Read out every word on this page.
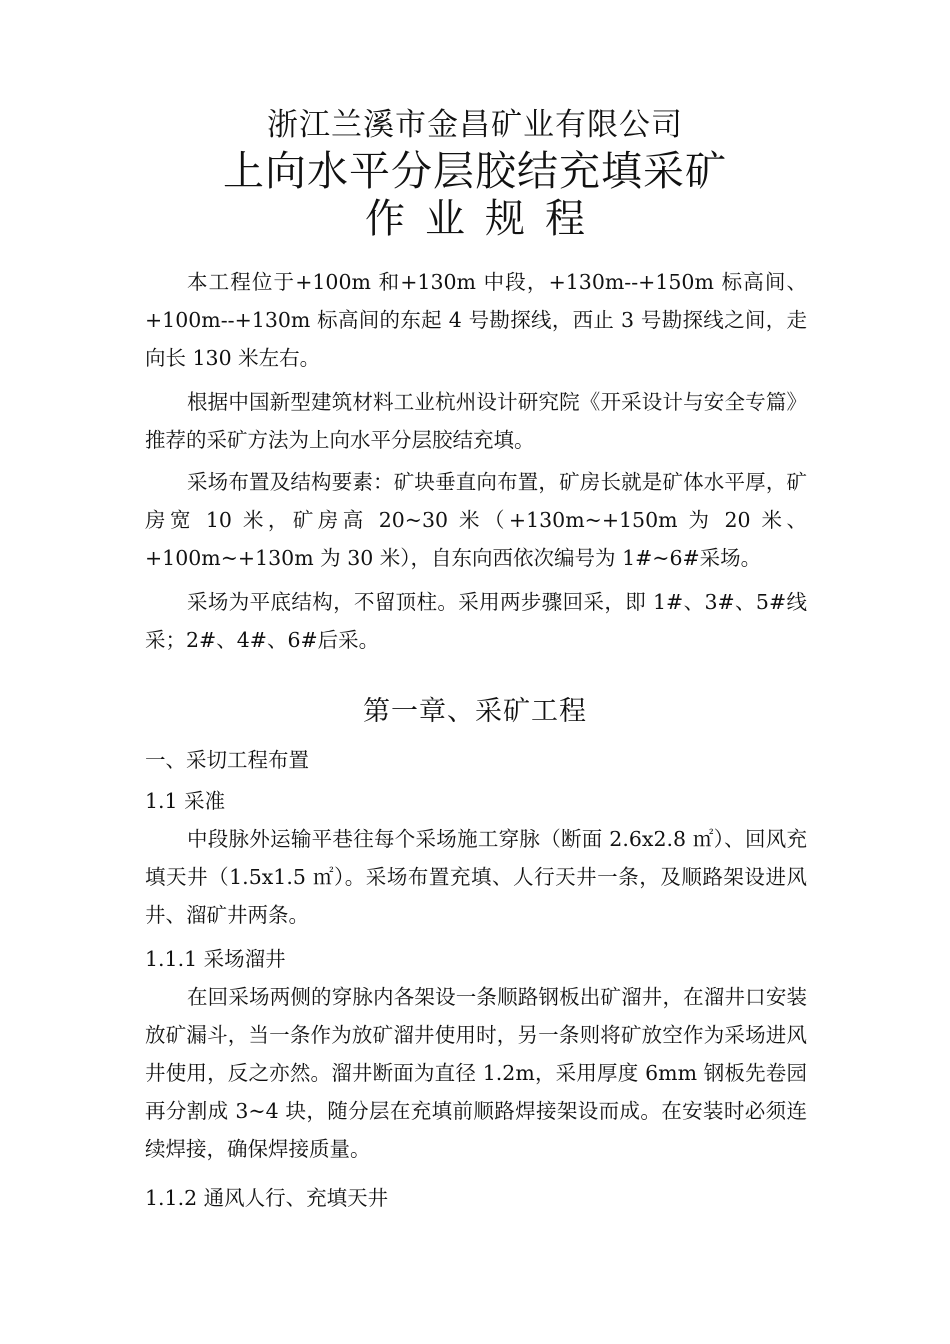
浙江兰溪市金昌矿业有限公司
上向水平分层胶结充填采矿
作业规程

本工程位于+100m 和+130m 中段，+130m--+150m 标高间、+100m--+130m 标高间的东起 4 号勘探线，西止 3 号勘探线之间，走向长 130 米左右。

根据中国新型建筑材料工业杭州设计研究院《开采设计与安全专篇》推荐的采矿方法为上向水平分层胶结充填。

采场布置及结构要素：矿块垂直向布置，矿房长就是矿体水平厚，矿房宽 10 米，矿房高 20~30 米（+130m~+150m 为 20 米、+100m~+130m 为 30 米），自东向西依次编号为 1#~6#采场。

采场为平底结构，不留顶柱。采用两步骤回采，即 1#、3#、5#线采；2#、4#、6#后采。

第一章、采矿工程

一、采切工程布置

1.1 采准

中段脉外运输平巷往每个采场施工穿脉（断面 2.6x2.8 ㎡）、回风充填天井（1.5x1.5 ㎡）。采场布置充填、人行天井一条，及顺路架设进风井、溜矿井两条。

1.1.1 采场溜井

在回采场两侧的穿脉内各架设一条顺路钢板出矿溜井，在溜井口安装放矿漏斗，当一条作为放矿溜井使用时，另一条则将矿放空作为采场进风井使用，反之亦然。溜井断面为直径 1.2m，采用厚度 6mm 钢板先卷园再分割成 3~4 块，随分层在充填前顺路焊接架设而成。在安装时必须连续焊接，确保焊接质量。

1.1.2 通风人行、充填天井
